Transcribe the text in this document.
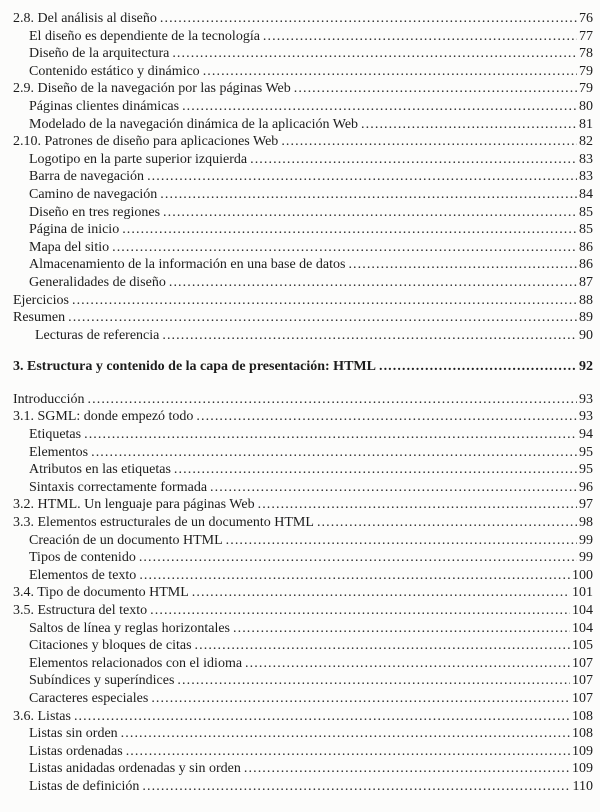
2.8. Del análisis al diseño .....	76
El diseño es dependiente de la tecnología .....	77
Diseño de la arquitectura .....	78
Contenido estático y dinámico .....	79
2.9. Diseño de la navegación por las páginas Web .....	79
Páginas clientes dinámicas .....	80
Modelado de la navegación dinámica de la aplicación Web .....	81
2.10. Patrones de diseño para aplicaciones Web .....	82
Logotipo en la parte superior izquierda .....	83
Barra de navegación .....	83
Camino de navegación .....	84
Diseño en tres regiones .....	85
Página de inicio .....	85
Mapa del sitio .....	86
Almacenamiento de la información en una base de datos .....	86
Generalidades de diseño .....	87
Ejercicios .....	88
Resumen .....	89
Lecturas de referencia .....	90
3. Estructura y contenido de la capa de presentación: HTML .....	92
Introducción .....	93
3.1. SGML: donde empezó todo .....	93
Etiquetas .....	94
Elementos .....	95
Atributos en las etiquetas .....	95
Sintaxis correctamente formada .....	96
3.2. HTML. Un lenguaje para páginas Web .....	97
3.3. Elementos estructurales de un documento HTML .....	98
Creación de un documento HTML .....	99
Tipos de contenido .....	99
Elementos de texto .....	100
3.4. Tipo de documento HTML .....	101
3.5. Estructura del texto .....	104
Saltos de línea y reglas horizontales .....	104
Citaciones y bloques de citas .....	105
Elementos relacionados con el idioma .....	107
Subíndices y superíndices .....	107
Caracteres especiales .....	107
3.6. Listas .....	108
Listas sin orden .....	108
Listas ordenadas .....	109
Listas anidadas ordenadas y sin orden .....	109
Listas de definición .....	110
